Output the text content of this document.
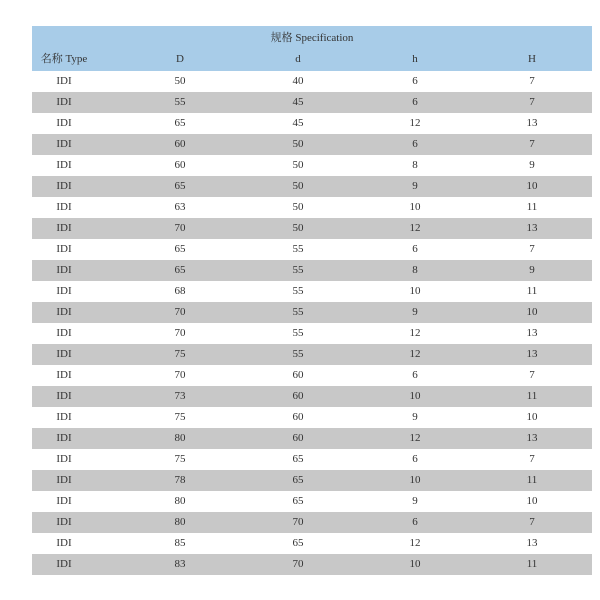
规格 Specification
名称 Type	D	d	h	H
IDI	50	40	6	7
IDI	55	45	6	7
IDI	65	45	12	13
IDI	60	50	6	7
IDI	60	50	8	9
IDI	65	50	9	10
IDI	63	50	10	11
IDI	70	50	12	13
IDI	65	55	6	7
IDI	65	55	8	9
IDI	68	55	10	11
IDI	70	55	9	10
IDI	70	55	12	13
IDI	75	55	12	13
IDI	70	60	6	7
IDI	73	60	10	11
IDI	75	60	9	10
IDI	80	60	12	13
IDI	75	65	6	7
IDI	78	65	10	11
IDI	80	65	9	10
IDI	80	70	6	7
IDI	85	65	12	13
IDI	83	70	10	11
